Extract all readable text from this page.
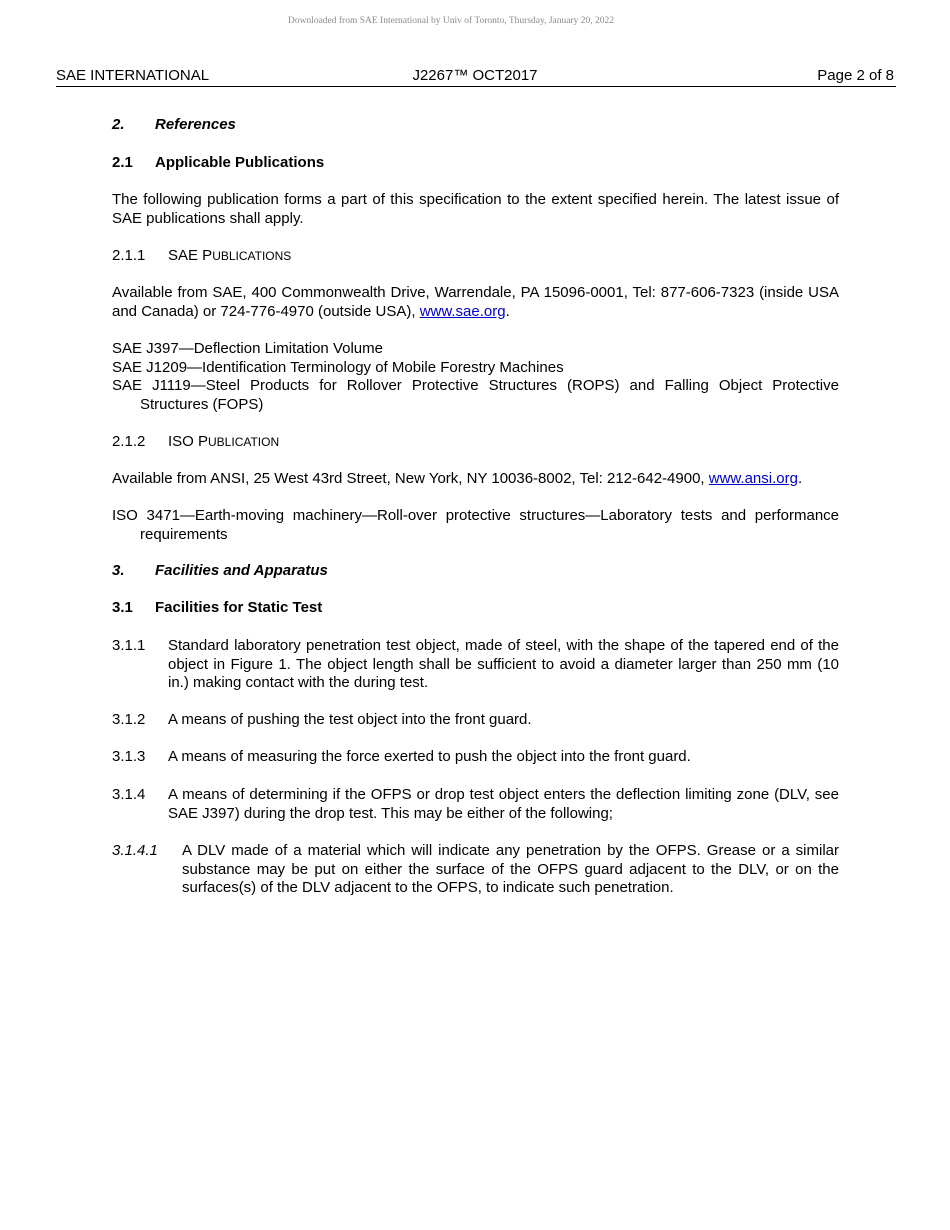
Downloaded from SAE International by Univ of Toronto, Thursday, January 20, 2022
SAE INTERNATIONAL	J2267™ OCT2017	Page 2 of 8
2. References
2.1 Applicable Publications
The following publication forms a part of this specification to the extent specified herein. The latest issue of SAE publications shall apply.
2.1.1 SAE PUBLICATIONS
Available from SAE, 400 Commonwealth Drive, Warrendale, PA 15096-0001, Tel: 877-606-7323 (inside USA and Canada) or 724-776-4970 (outside USA), www.sae.org.
SAE J397—Deflection Limitation Volume
SAE J1209—Identification Terminology of Mobile Forestry Machines
SAE J1119—Steel Products for Rollover Protective Structures (ROPS) and Falling Object Protective Structures (FOPS)
2.1.2 ISO PUBLICATION
Available from ANSI, 25 West 43rd Street, New York, NY 10036-8002, Tel: 212-642-4900, www.ansi.org.
ISO 3471—Earth-moving machinery—Roll-over protective structures—Laboratory tests and performance requirements
3. Facilities and Apparatus
3.1 Facilities for Static Test
3.1.1 Standard laboratory penetration test object, made of steel, with the shape of the tapered end of the object in Figure 1. The object length shall be sufficient to avoid a diameter larger than 250 mm (10 in.) making contact with the during test.
3.1.2 A means of pushing the test object into the front guard.
3.1.3 A means of measuring the force exerted to push the object into the front guard.
3.1.4 A means of determining if the OFPS or drop test object enters the deflection limiting zone (DLV, see SAE J397) during the drop test. This may be either of the following;
3.1.4.1 A DLV made of a material which will indicate any penetration by the OFPS. Grease or a similar substance may be put on either the surface of the OFPS guard adjacent to the DLV, or on the surfaces(s) of the DLV adjacent to the OFPS, to indicate such penetration.
